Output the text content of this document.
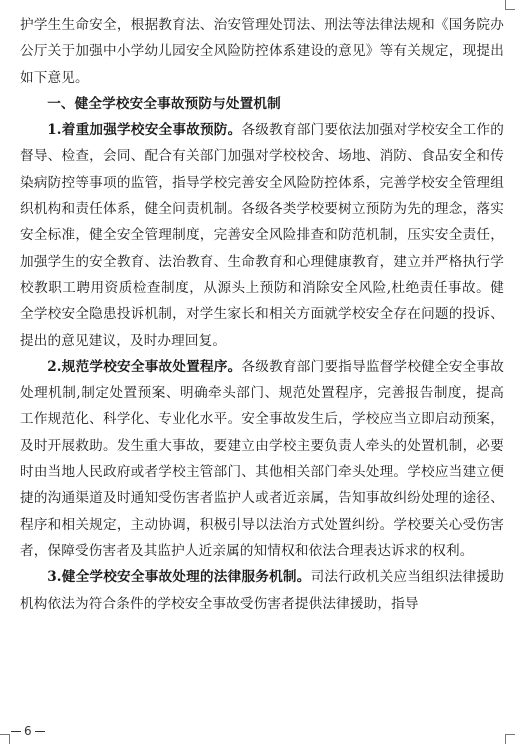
护学生生命安全，根据教育法、治安管理处罚法、刑法等法律法规和《国务院办公厅关于加强中小学幼儿园安全风险防控体系建设的意见》等有关规定，现提出如下意见。

一、健全学校安全事故预防与处置机制

1.着重加强学校安全事故预防。各级教育部门要依法加强对学校安全工作的督导、检查，会同、配合有关部门加强对学校校舍、场地、消防、食品安全和传染病防控等事项的监管，指导学校完善安全风险防控体系，完善学校安全管理组织机构和责任体系，健全问责机制。各级各类学校要树立预防为先的理念，落实安全标准，健全安全管理制度，完善安全风险排查和防范机制，压实安全责任，加强学生的安全教育、法治教育、生命教育和心理健康教育，建立并严格执行学校教职工聘用资质检查制度，从源头上预防和消除安全风险,杜绝责任事故。健全学校安全隐患投诉机制，对学生家长和相关方面就学校安全存在问题的投诉、提出的意见建议，及时办理回复。

2.规范学校安全事故处置程序。各级教育部门要指导监督学校健全安全事故处理机制,制定处置预案、明确牵头部门、规范处置程序，完善报告制度，提高工作规范化、科学化、专业化水平。安全事故发生后，学校应当立即启动预案，及时开展救助。发生重大事故，要建立由学校主要负责人牵头的处置机制，必要时由当地人民政府或者学校主管部门、其他相关部门牵头处理。学校应当建立便捷的沟通渠道及时通知受伤害者监护人或者近亲属，告知事故纠纷处理的途径、程序和相关规定，主动协调，积极引导以法治方式处置纠纷。学校要关心受伤害者，保障受伤害者及其监护人近亲属的知情权和依法合理表达诉求的权利。

3.健全学校安全事故处理的法律服务机制。司法行政机关应当组织法律援助机构依法为符合条件的学校安全事故受伤害者提供法律援助，指导

6
